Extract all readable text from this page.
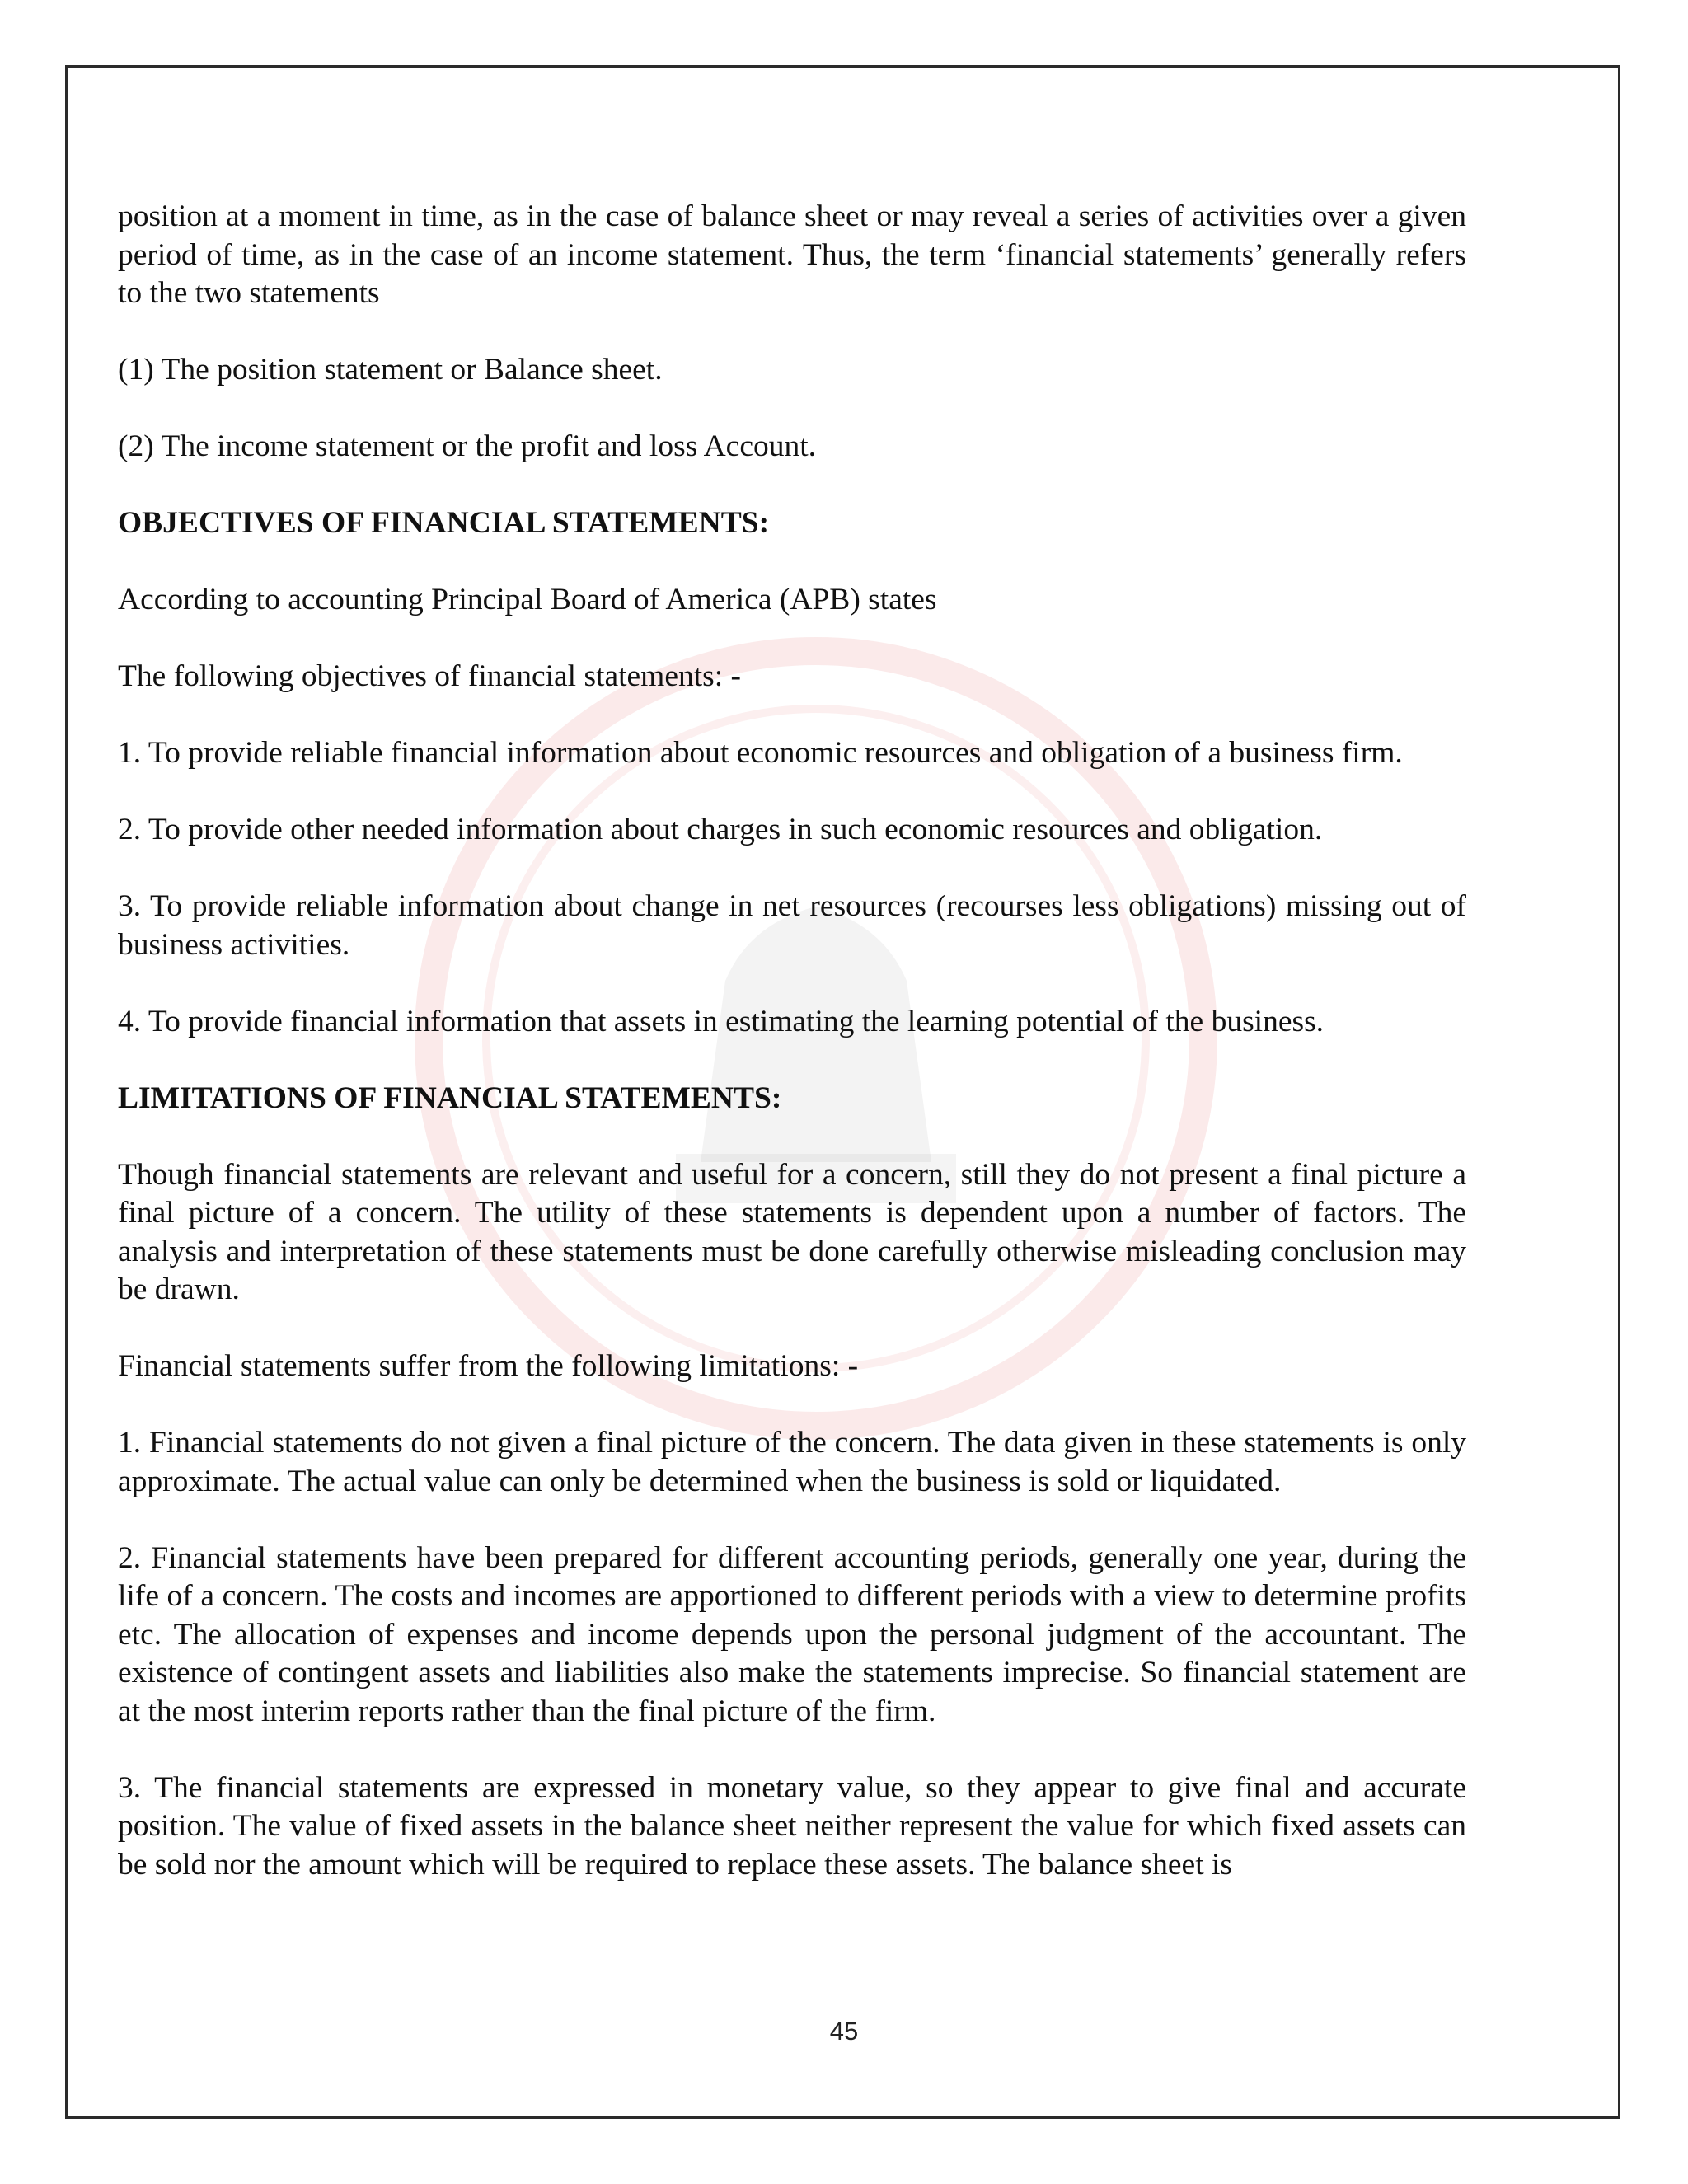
position at a moment in time, as in the case of balance sheet or may reveal a series of activities over a given period of time, as in the case of an income statement. Thus, the term ‘financial statements’ generally refers to the two statements

(1) The position statement or Balance sheet.

(2) The income statement or the profit and loss Account.

OBJECTIVES OF FINANCIAL STATEMENTS:

According to accounting Principal Board of America (APB) states

The following objectives of financial statements: -

1. To provide reliable financial information about economic resources and obligation of a business firm.

2. To provide other needed information about charges in such economic resources and obligation.

3. To provide reliable information about change in net resources (recourses less obligations) missing out of business activities.

4. To provide financial information that assets in estimating the learning potential of the business.

LIMITATIONS OF FINANCIAL STATEMENTS:

Though financial statements are relevant and useful for a concern, still they do not present a final picture a final picture of a concern. The utility of these statements is dependent upon a number of factors. The analysis and interpretation of these statements must be done carefully otherwise misleading conclusion may be drawn.

Financial statements suffer from the following limitations: -

1. Financial statements do not given a final picture of the concern. The data given in these statements is only approximate. The actual value can only be determined when the business is sold or liquidated.

2. Financial statements have been prepared for different accounting periods, generally one year, during the life of a concern. The costs and incomes are apportioned to different periods with a view to determine profits etc. The allocation of expenses and income depends upon the personal judgment of the accountant. The existence of contingent assets and liabilities also make the statements imprecise. So financial statement are at the most interim reports rather than the final picture of the firm.

3. The financial statements are expressed in monetary value, so they appear to give final and accurate position. The value of fixed assets in the balance sheet neither represent the value for which fixed assets can be sold nor the amount which will be required to replace these assets. The balance sheet is

45
